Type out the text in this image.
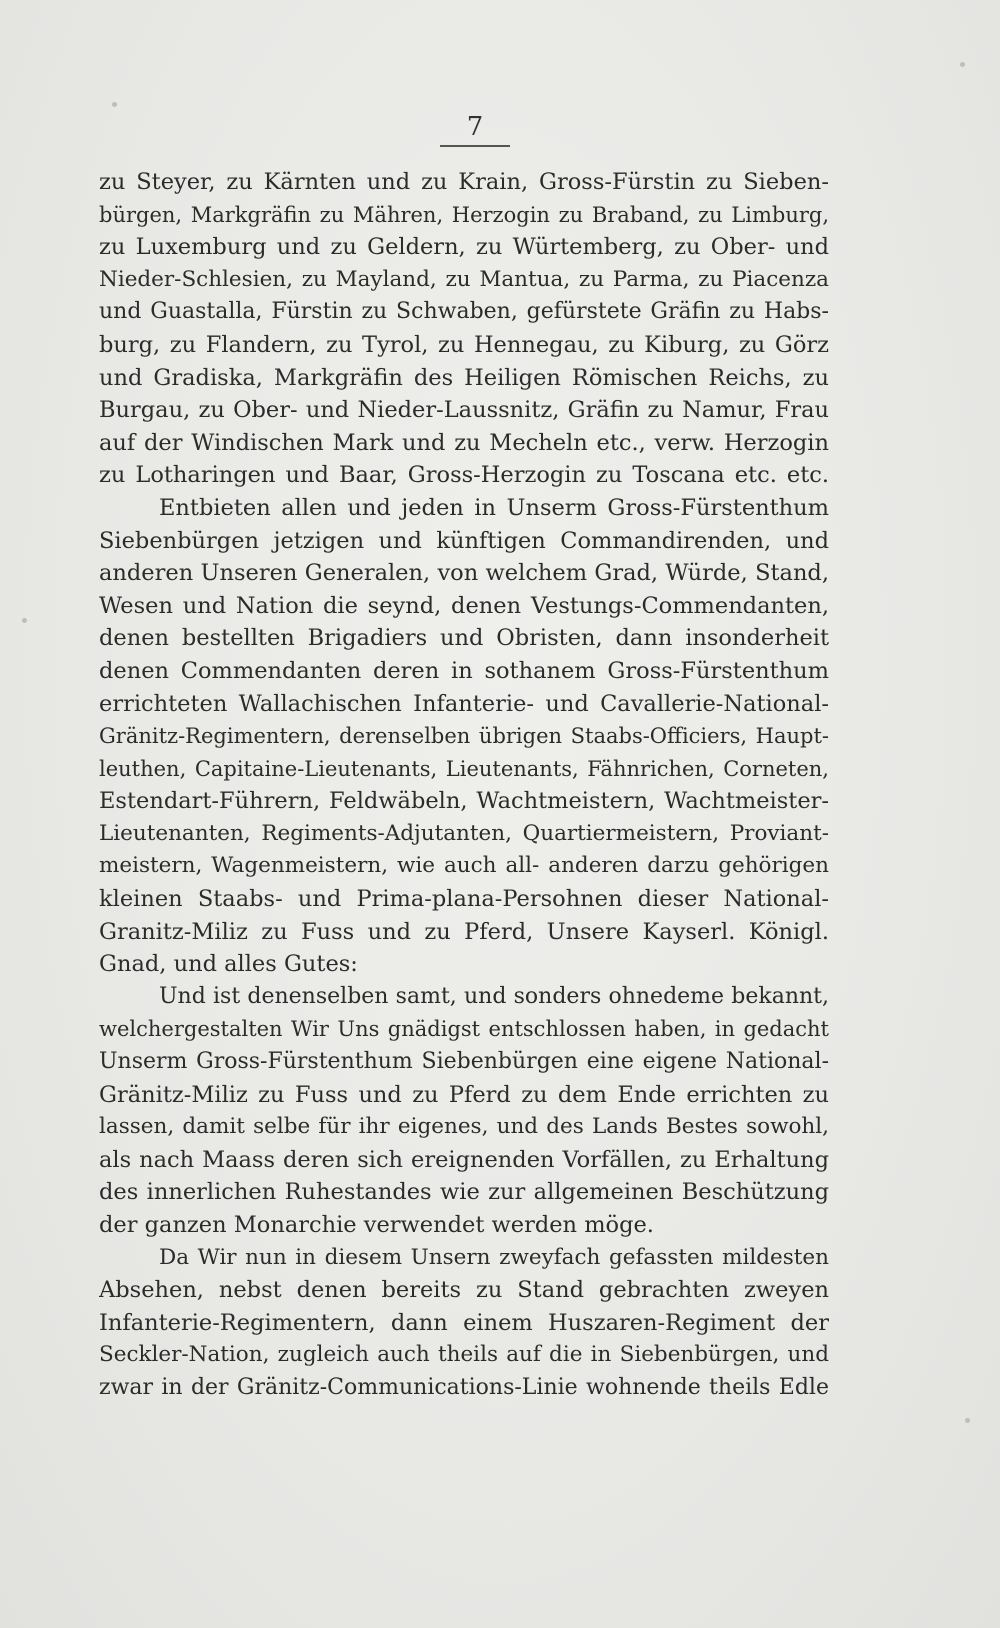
7
zu Steyer, zu Kärnten und zu Krain, Gross-Fürstin zu Sieben-
bürgen, Markgräfin zu Mähren, Herzogin zu Braband, zu Limburg,
zu Luxemburg und zu Geldern, zu Würtemberg, zu Ober- und
Nieder-Schlesien, zu Mayland, zu Mantua, zu Parma, zu Piacenza
und Guastalla, Fürstin zu Schwaben, gefürstete Gräfin zu Habs-
burg, zu Flandern, zu Tyrol, zu Hennegau, zu Kiburg, zu Görz
und Gradiska, Markgräfin des Heiligen Römischen Reichs, zu
Burgau, zu Ober- und Nieder-Laussnitz, Gräfin zu Namur, Frau
auf der Windischen Mark und zu Mecheln etc., verw. Herzogin
zu Lotharingen und Baar, Gross-Herzogin zu Toscana etc. etc.
Entbieten allen und jeden in Unserm Gross-Fürstenthum
Siebenbürgen jetzigen und künftigen Commandirenden, und
anderen Unseren Generalen, von welchem Grad, Würde, Stand,
Wesen und Nation die seynd, denen Vestungs-Commendanten,
denen bestellten Brigadiers und Obristen, dann insonderheit
denen Commendanten deren in sothanem Gross-Fürstenthum
errichteten Wallachischen Infanterie- und Cavallerie-National-
Gränitz-Regimentern, derenselben übrigen Staabs-Officiers, Haupt-
leuthen, Capitaine-Lieutenants, Lieutenants, Fähnrichen, Corneten,
Estendart-Führern, Feldwäbeln, Wachtmeistern, Wachtmeister-
Lieutenanten, Regiments-Adjutanten, Quartiermeistern, Proviant-
meistern, Wagenmeistern, wie auch all- anderen darzu gehörigen
kleinen Staabs- und Prima-plana-Persohnen dieser National-
Granitz-Miliz zu Fuss und zu Pferd, Unsere Kayserl. Königl.
Gnad, und alles Gutes:
Und ist denenselben samt, und sonders ohnedeme bekannt,
welchergestalten Wir Uns gnädigst entschlossen haben, in gedacht
Unserm Gross-Fürstenthum Siebenbürgen eine eigene National-
Gränitz-Miliz zu Fuss und zu Pferd zu dem Ende errichten zu
lassen, damit selbe für ihr eigenes, und des Lands Bestes sowohl,
als nach Maass deren sich ereignenden Vorfällen, zu Erhaltung
des innerlichen Ruhestandes wie zur allgemeinen Beschützung
der ganzen Monarchie verwendet werden möge.
Da Wir nun in diesem Unsern zweyfach gefassten mildesten
Absehen, nebst denen bereits zu Stand gebrachten zweyen
Infanterie-Regimentern, dann einem Huszaren-Regiment der
Seckler-Nation, zugleich auch theils auf die in Siebenbürgen, und
zwar in der Gränitz-Communications-Linie wohnende theils Edle
